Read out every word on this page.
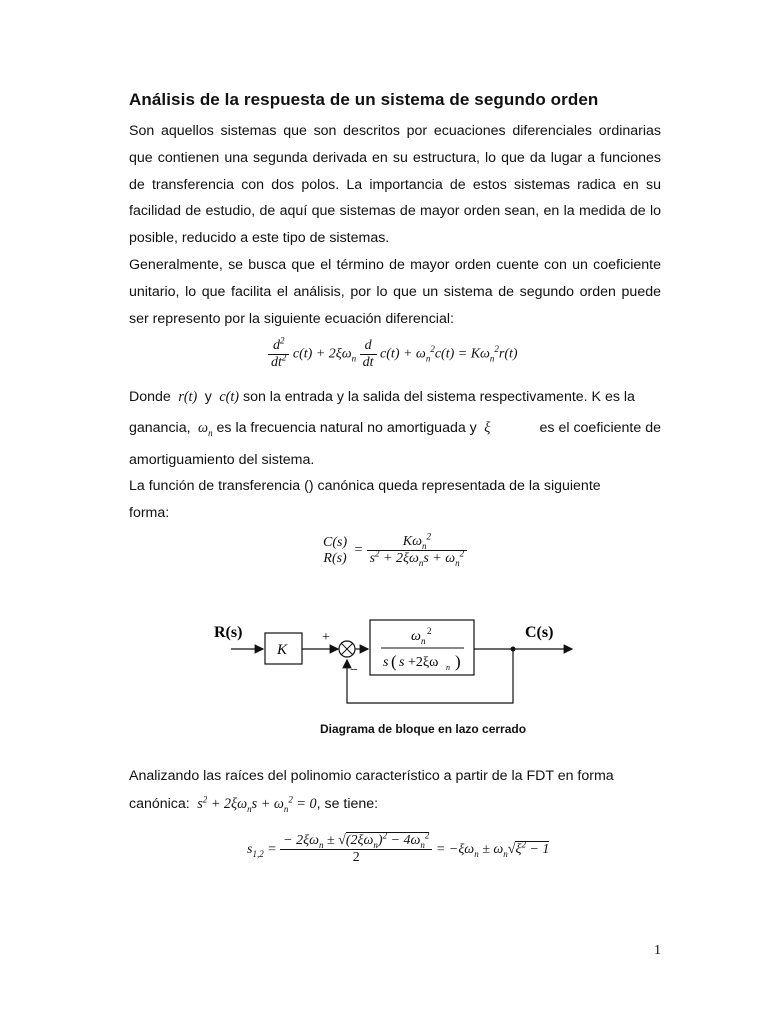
Análisis de la respuesta de un sistema de segundo orden

Son aquellos sistemas que son descritos por ecuaciones diferenciales ordinarias que contienen una segunda derivada en su estructura, lo que da lugar a funciones de transferencia con dos polos. La importancia de estos sistemas radica en su facilidad de estudio, de aquí que sistemas de mayor orden sean, en la medida de lo posible, reducido a este tipo de sistemas.

Generalmente, se busca que el término de mayor orden cuente con un coeficiente unitario, lo que facilita el análisis, por lo que un sistema de segundo orden puede ser represento por la siguiente ecuación diferencial:

$\frac{d^2}{dt^2} c(t) + 2\xi\omega_n \frac{d}{dt} c(t) + \omega_n^2c(t) = K\omega_n^2r(t)$
Donde  r(t)  y  c(t) son la entrada y la salida del sistema respectivamente. K es la
ganancia,  $\omega_n$ es la frecuencia natural no amortiguada y  ξ	es el coeficiente de
amortiguamiento del sistema.
La función de transferencia () canónica queda representada de la siguiente
forma:
C(s)
R(s)
= $\frac{K\omega_n^2}{s^2 + 2\xi\omega_ns + \omega_n^2}$
R(s)
K
+
−
ω n
2
s ( s +2ξω n )
C(s)
Diagrama de bloque en lazo cerrado
Analizando las raíces del polinomio característico a partir de la FDT en forma
canónica:  $s^2 + 2\xi\omega_ns + \omega_n^2 = 0$, se tiene:
$s_{1,2} = \frac{- 2\xi\omega_n \pm √(2\xi\omega_n)^2 - 4\omega_n^2}{2} = -\xi\omega_n \pm \omega_n√\xi^2 - 1$
1
